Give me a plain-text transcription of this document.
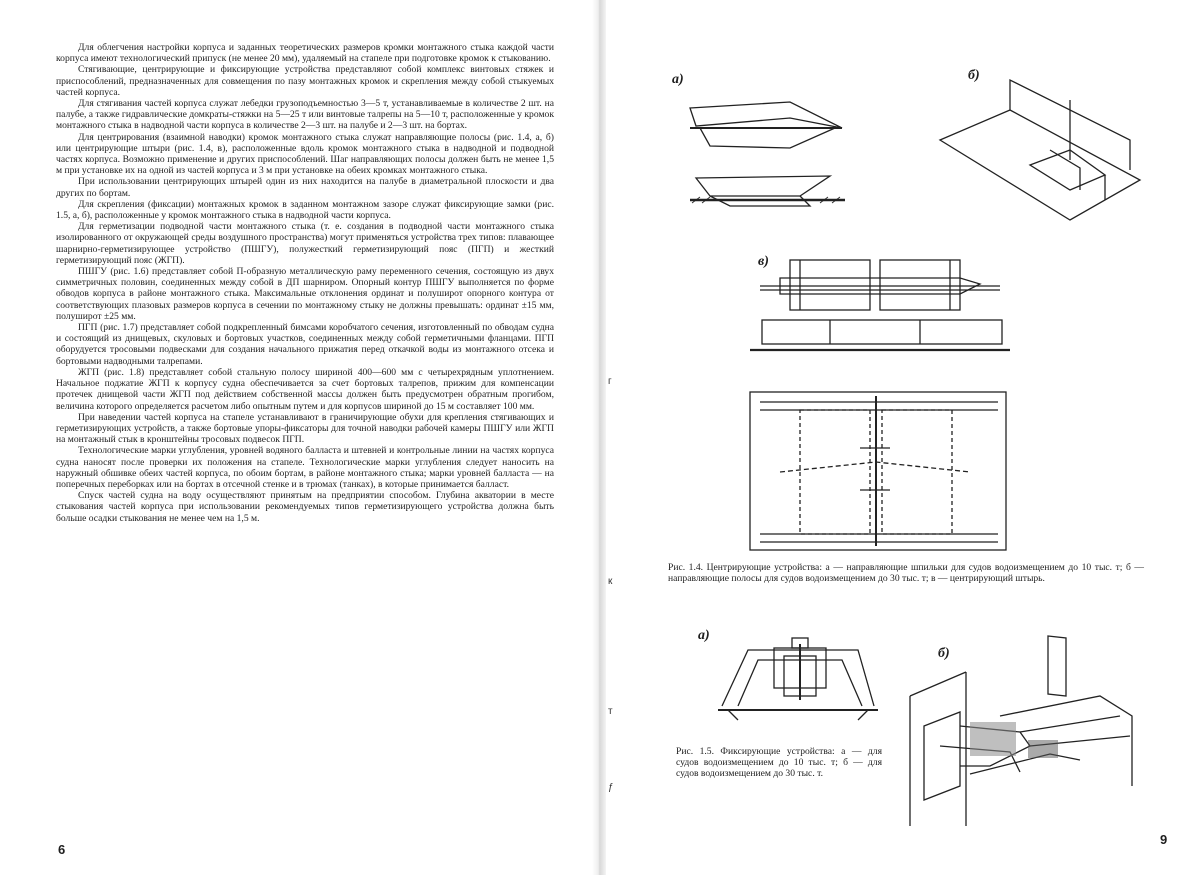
Для облегчения настройки корпуса и заданных теоретических размеров кромки монтажного стыка каждой части корпуса имеют технологический припуск (не менее 20 мм), удаляемый на стапеле при подготовке кромок к стыкованию.

Стягивающие, центрирующие и фиксирующие устройства представляют собой комплекс винтовых стяжек и приспособлений, предназначенных для совмещения по пазу монтажных кромок и скрепления между собой стыкуемых частей корпуса.

Для стягивания частей корпуса служат лебедки грузоподъемностью 3—5 т, устанавливаемые в количестве 2 шт. на палубе, а также гидравлические домкраты-стяжки на 5—25 т или винтовые талрепы на 5—10 т, расположенные у кромок монтажного стыка в надводной части корпуса в количестве 2—3 шт. на палубе и 2—3 шт. на бортах.

Для центрирования (взаимной наводки) кромок монтажного стыка служат направляющие полосы (рис. 1.4, а, б) или центрирующие штыри (рис. 1.4, в), расположенные вдоль кромок монтажного стыка в надводной и подводной частях корпуса. Возможно применение и других приспособлений. Шаг направляющих полосы должен быть не менее 1,5 м при установке их на одной из частей корпуса и 3 м при установке на обеих кромках монтажного стыка.

При использовании центрирующих штырей один из них находится на палубе в диаметральной плоскости и два других по бортам.

Для скрепления (фиксации) монтажных кромок в заданном монтажном зазоре служат фиксирующие замки (рис. 1.5, а, б), расположенные у кромок монтажного стыка в надводной части корпуса.

Для герметизации подводной части монтажного стыка (т. е. создания в подводной части монтажного стыка изолированного от окружающей среды воздушного пространства) могут применяться устройства трех типов: плавающее шарнирно-герметизирующее устройство (ПШГУ), полужесткий герметизирующий пояс (ПГП) и жесткий герметизирующий пояс (ЖГП).

ПШГУ (рис. 1.6) представляет собой П-образную металлическую раму переменного сечения, состоящую из двух симметричных половин, соединенных между собой в ДП шарниром. Опорный контур ПШГУ выполняется по форме обводов корпуса в районе монтажного стыка. Максимальные отклонения ординат и полуширот опорного контура от соответствующих плазовых размеров корпуса в сечении по монтажному стыку не должны превышать: ординат ±15 мм, полуширот ±25 мм.

ПГП (рис. 1.7) представляет собой подкрепленный бимсами коробчатого сечения, изготовленный по обводам судна и состоящий из днищевых, скуловых и бортовых участков, соединенных между собой герметичными фланцами. ПГП оборудуется тросовыми подвесками для создания начального прижатия перед откачкой воды из монтажного отсека и бортовыми надводными талрепами.

ЖГП (рис. 1.8) представляет собой стальную полосу шириной 400—600 мм с четырехрядным уплотнением. Начальное поджатие ЖГП к корпусу судна обеспечивается за счет бортовых талрепов, прижим для компенсации протечек днищевой части ЖГП под действием собственной массы должен быть предусмотрен обратным прогибом, величина которого определяется расчетом либо опытным путем и для корпусов шириной до 15 м составляет 100 мм.

При наведении частей корпуса на стапеле устанавливают в граничирующие обухи для крепления стягивающих и герметизирующих устройств, а также бортовые упоры-фиксаторы для точной наводки рабочей камеры ПШГУ или ЖГП на монтажный стык в кронштейны тросовых подвесок ПГП.

Технологические марки углубления, уровней водяного балласта и штевней и контрольные линии на частях корпуса судна наносят после проверки их положения на стапеле. Технологические марки углубления следует наносить на наружный обшивке обеих частей корпуса, по обоим бортам, в районе монтажного стыка; марки уровней балласта — на поперечных переборках или на бортах в отсечной стенке и в трюмах (танках), в которые принимается балласт.

Спуск частей судна на воду осуществляют принятым на предприятии способом. Глубина акватории в месте стыкования частей корпуса при использовании рекомендуемых типов герметизирующего устройства должна быть больше осадки стыкования не менее чем на 1,5 м.

6
г
к
т
ƒ
а)	б)
в)
Рис. 1.4. Центрирующие устройства: а — направляющие шпильки для судов водоизмещением до 10 тыс. т; б — направляющие полосы для судов водоизмещением до 30 тыс. т; в — центрирующий штырь.
а)
Рис. 1.5. Фиксирующие устройства: а — для судов водоизмещением до 10 тыс. т; б — для судов водоизмещением до 30 тыс. т.
б)
9
